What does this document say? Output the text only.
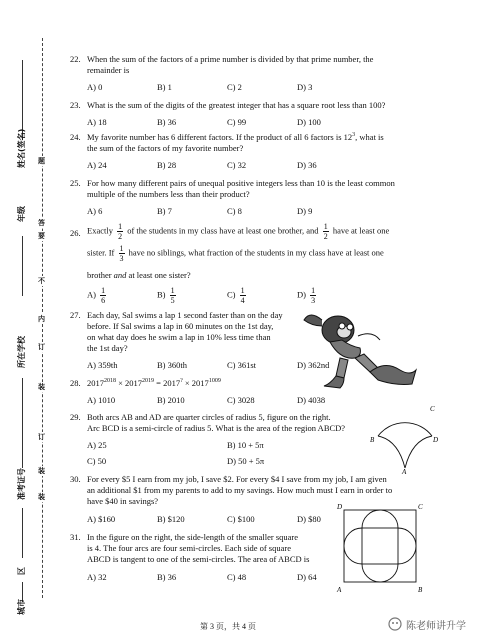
姓名(签名)
年级
所在学校
准考证号
区
城市
题
答
要
不
内
订
装
订
装
装
22. When the sum of the factors of a prime number is divided by that prime number, the
remainder is
A) 0	B) 1	C) 2	D) 3
23. What is the sum of the digits of the greatest integer that has a square root less than 100?
A) 18	B) 36	C) 99	D) 100
24. My favorite number has 6 different factors. If the product of all 6 factors is $12^3$, what is
the sum of the factors of my favorite number?
A) 24	B) 28	C) 32	D) 36
25. For how many different pairs of unequal positive integers less than 10 is the least common
multiple of the numbers less than their product?
A) 6	B) 7	C) 8	D) 9
26. Exactly $\frac{1}{2}$ of the students in my class have at least one brother, and $\frac{1}{2}$ have at least one
sister. If $\frac{1}{3}$ have no siblings, what fraction of the students in my class have at least one
brother and at least one sister?
$A) \frac{1}{6}$	$B) \frac{1}{5}$	$C) \frac{1}{4}$	$D) \frac{1}{3}$
27. Each day, Sal swims a lap 1 second faster than on the day
before. If Sal swims a lap in 60 minutes on the 1st day,
on what day does he swim a lap in 10% less time than
the 1st day?
A) 359th	B) 360th	C) 361st	D) 362nd
28. $2017^{2018} \times 2017^{2019} = 2017^? \times 2017^{1009}$
A) 1010	B) 2010	C) 3028	D) 4038
29. Both arcs AB and AD are quarter circles of radius 5, figure on the right.
Arc BCD is a semi-circle of radius 5. What is the area of the region ABCD?
A) 25	B) 10 + 5π
C) 50	D) 50 + 5π
30. For every $5 I earn from my job, I save $2. For every $4 I save from my job, I am given
an additional $1 from my parents to add to my savings. How much must I earn in order to
have $40 in savings?
A) $160	B) $120	C) $100	D) $80
31. In the figure on the right, the side-length of the smaller square
is 4. The four arcs are four semi-circles. Each side of square
ABCD is tangent to one of the semi-circles. The area of ABCD is
A) 32	B) 36	C) 48	D) 64
C
B	D
A
D	C
A	B
第 3 页，共 4 页	陈老师讲升学
